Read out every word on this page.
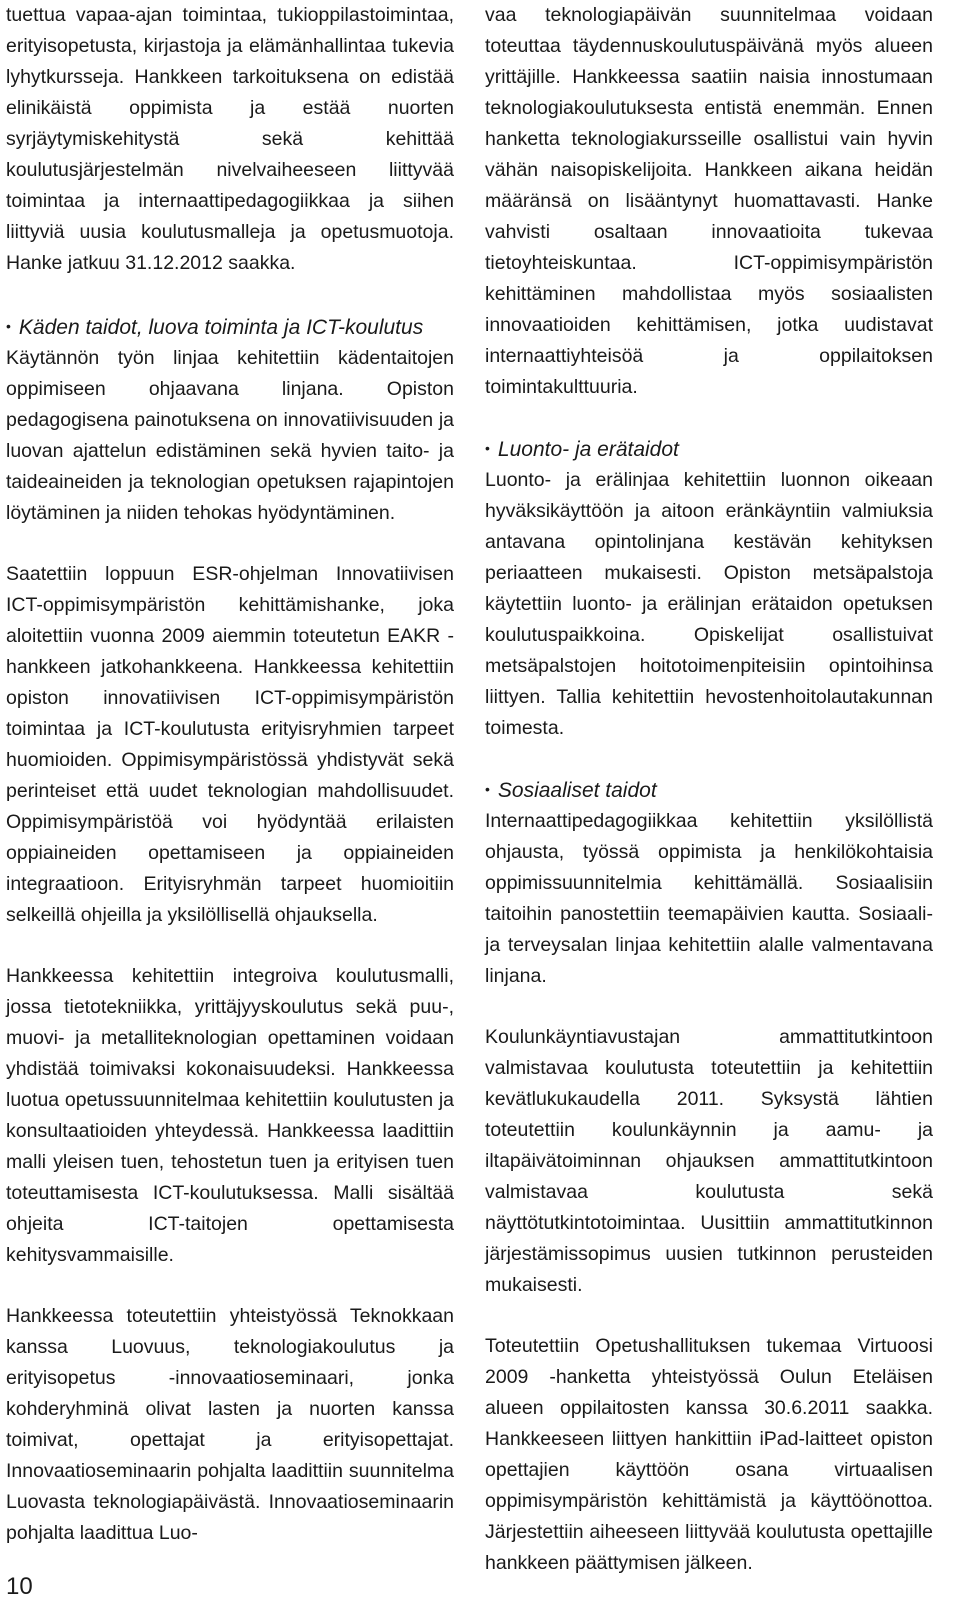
tuettua vapaa-ajan toimintaa, tukioppilastoimintaa, erityisopetusta, kirjastoja ja elämänhallintaa tukevia lyhytkursseja. Hankkeen tarkoituksena on edistää elinikäistä oppimista ja estää nuorten syrjäytymiskehitystä sekä kehittää koulutusjärjestelmän nivelvaiheeseen liittyvää toimintaa ja internaattipedagogiikkaa ja siihen liittyviä uusia koulutusmalleja ja opetusmuotoja. Hanke jatkuu 31.12.2012 saakka.

• Käden taidot, luova toiminta ja ICT-koulutus

Käytännön työn linjaa kehitettiin kädentaitojen oppimiseen ohjaavana linjana. Opiston pedagogisena painotuksena on innovatiivisuuden ja luovan ajattelun edistäminen sekä hyvien taito- ja taideaineiden ja teknologian opetuksen rajapintojen löytäminen ja niiden tehokas hyödyntäminen.

Saatettiin loppuun ESR-ohjelman Innovatiivisen ICT-oppimisympäristön kehittämishanke, joka aloitettiin vuonna 2009 aiemmin toteutetun EAKR -hankkeen jatkohankkeena. Hankkeessa kehitettiin opiston innovatiivisen ICT-oppimisympäristön toimintaa ja ICT-koulutusta erityisryhmien tarpeet huomioiden. Oppimisympäristössä yhdistyvät sekä perinteiset että uudet teknologian mahdollisuudet. Oppimisympäristöä voi hyödyntää erilaisten oppiaineiden opettamiseen ja oppiaineiden integraatioon. Erityisryhmän tarpeet huomioitiin selkeillä ohjeilla ja yksilöllisellä ohjauksella.

Hankkeessa kehitettiin integroiva koulutusmalli, jossa tietotekniikka, yrittäjyyskoulutus sekä puu-, muovi- ja metalliteknologian opettaminen voidaan yhdistää toimivaksi kokonaisuudeksi. Hankkeessa luotua opetussuunnitelmaa kehitettiin koulutusten ja konsultaatioiden yhteydessä. Hankkeessa laadittiin malli yleisen tuen, tehostetun tuen ja erityisen tuen toteuttamisesta ICT-koulutuksessa. Malli sisältää ohjeita ICT-taitojen opettamisesta kehitysvammaisille.

Hankkeessa toteutettiin yhteistyössä Teknokkaan kanssa Luovuus, teknologiakoulutus ja erityisopetus -innovaatioseminaari, jonka kohderyhminä olivat lasten ja nuorten kanssa toimivat, opettajat ja erityisopettajat. Innovaatioseminaarin pohjalta laadittiin suunnitelma Luovasta teknologiapäivästä. Innovaatioseminaarin pohjalta laadittua Luo-

vaa teknologiapäivän suunnitelmaa voidaan toteuttaa täydennuskoulutuspäivänä myös alueen yrittäjille. Hankkeessa saatiin naisia innostumaan teknologiakoulutuksesta entistä enemmän. Ennen hanketta teknologiakursseille osallistui vain hyvin vähän naisopiskelijoita. Hankkeen aikana heidän määränsä on lisääntynyt huomattavasti. Hanke vahvisti osaltaan innovaatioita tukevaa tietoyhteiskuntaa. ICT-oppimisympäristön kehittäminen mahdollistaa myös sosiaalisten innovaatioiden kehittämisen, jotka uudistavat internaattiyhteisöä ja oppilaitoksen toimintakulttuuria.

• Luonto- ja erätaidot

Luonto- ja erälinjaa kehitettiin luonnon oikeaan hyväksikäyttöön ja aitoon eränkäyntiin valmiuksia antavana opintolinjana kestävän kehityksen periaatteen mukaisesti. Opiston metsäpalstoja käytettiin luonto- ja erälinjan erätaidon opetuksen koulutuspaikkoina. Opiskelijat osallistuivat metsäpalstojen hoitotoimenpiteisiin opintoihinsa liittyen. Tallia kehitettiin hevostenhoitolautakunnan toimesta.

• Sosiaaliset taidot

Internaattipedagogiikkaa kehitettiin yksilöllistä ohjausta, työssä oppimista ja henkilökohtaisia oppimissuunnitelmia kehittämällä. Sosiaalisiin taitoihin panostettiin teemapäivien kautta. Sosiaali- ja terveysalan linjaa kehitettiin alalle valmentavana linjana.

Koulunkäyntiavustajan ammattitutkintoon valmistavaa koulutusta toteutettiin ja kehitettiin kevätlukukaudella 2011. Syksystä lähtien toteutettiin koulunkäynnin ja aamu- ja iltapäivätoiminnan ohjauksen ammattitutkintoon valmistavaa koulutusta sekä näyttötutkintotoimintaa. Uusittiin ammattitutkinnon järjestämissopimus uusien tutkinnon perusteiden mukaisesti.

Toteutettiin Opetushallituksen tukemaa Virtuoosi 2009 -hanketta yhteistyössä Oulun Eteläisen alueen oppilaitosten kanssa 30.6.2011 saakka. Hankkeeseen liittyen hankittiin iPad-laitteet opiston opettajien käyttöön osana virtuaalisen oppimisympäristön kehittämistä ja käyttöönottoa. Järjestettiin aiheeseen liittyvää koulutusta opettajille hankkeen päättymisen jälkeen.

10
